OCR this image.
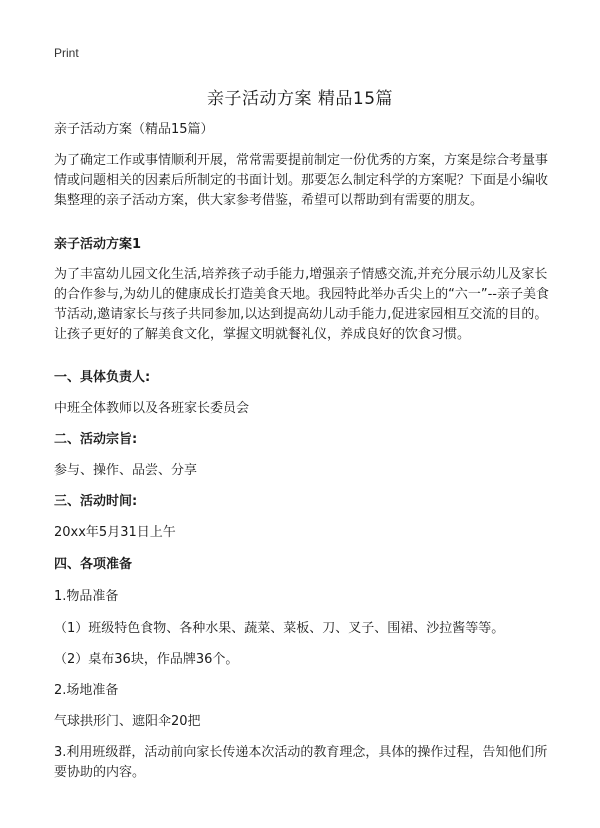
Print

亲子活动方案 精品15篇

亲子活动方案（精品15篇）

为了确定工作或事情顺利开展，常常需要提前制定一份优秀的方案，方案是综合考量事情或问题相关的因素后所制定的书面计划。那要怎么制定科学的方案呢？下面是小编收集整理的亲子活动方案，供大家参考借鉴，希望可以帮助到有需要的朋友。

亲子活动方案1

为了丰富幼儿园文化生活,培养孩子动手能力,增强亲子情感交流,并充分展示幼儿及家长的合作参与,为幼儿的健康成长打造美食天地。我园特此举办舌尖上的“六一”--亲子美食节活动,邀请家长与孩子共同参加,以达到提高幼儿动手能力,促进家园相互交流的目的。让孩子更好的了解美食文化，掌握文明就餐礼仪，养成良好的饮食习惯。

一、具体负责人:

中班全体教师以及各班家长委员会

二、活动宗旨:

参与、操作、品尝、分享

三、活动时间:

20xx年5月31日上午

四、各项准备

1.物品准备

（1）班级特色食物、各种水果、蔬菜、菜板、刀、叉子、围裙、沙拉酱等等。

（2）桌布36块，作品牌36个。

2.场地准备

气球拱形门、遮阳伞20把

3.利用班级群，活动前向家长传递本次活动的教育理念，具体的操作过程，告知他们所要协助的内容。
